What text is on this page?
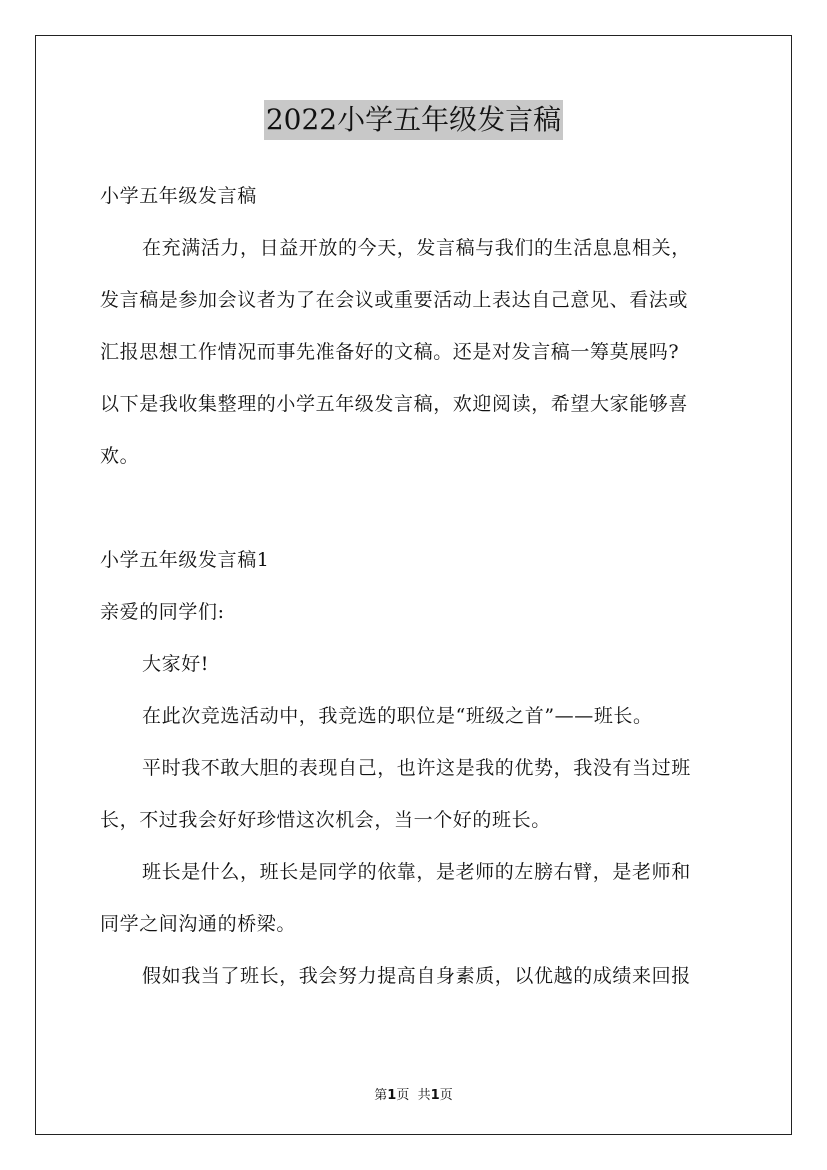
2022小学五年级发言稿
小学五年级发言稿
在充满活力，日益开放的今天，发言稿与我们的生活息息相关，
发言稿是参加会议者为了在会议或重要活动上表达自己意见、看法或
汇报思想工作情况而事先准备好的文稿。还是对发言稿一筹莫展吗?
以下是我收集整理的小学五年级发言稿，欢迎阅读，希望大家能够喜
欢。
小学五年级发言稿1
亲爱的同学们:
大家好!
在此次竞选活动中，我竞选的职位是“班级之首”——班长。
平时我不敢大胆的表现自己，也许这是我的优势，我没有当过班
长，不过我会好好珍惜这次机会，当一个好的班长。
班长是什么，班长是同学的依靠，是老师的左膀右臂，是老师和
同学之间沟通的桥梁。
假如我当了班长，我会努力提高自身素质，以优越的成绩来回报
第1页 共1页
